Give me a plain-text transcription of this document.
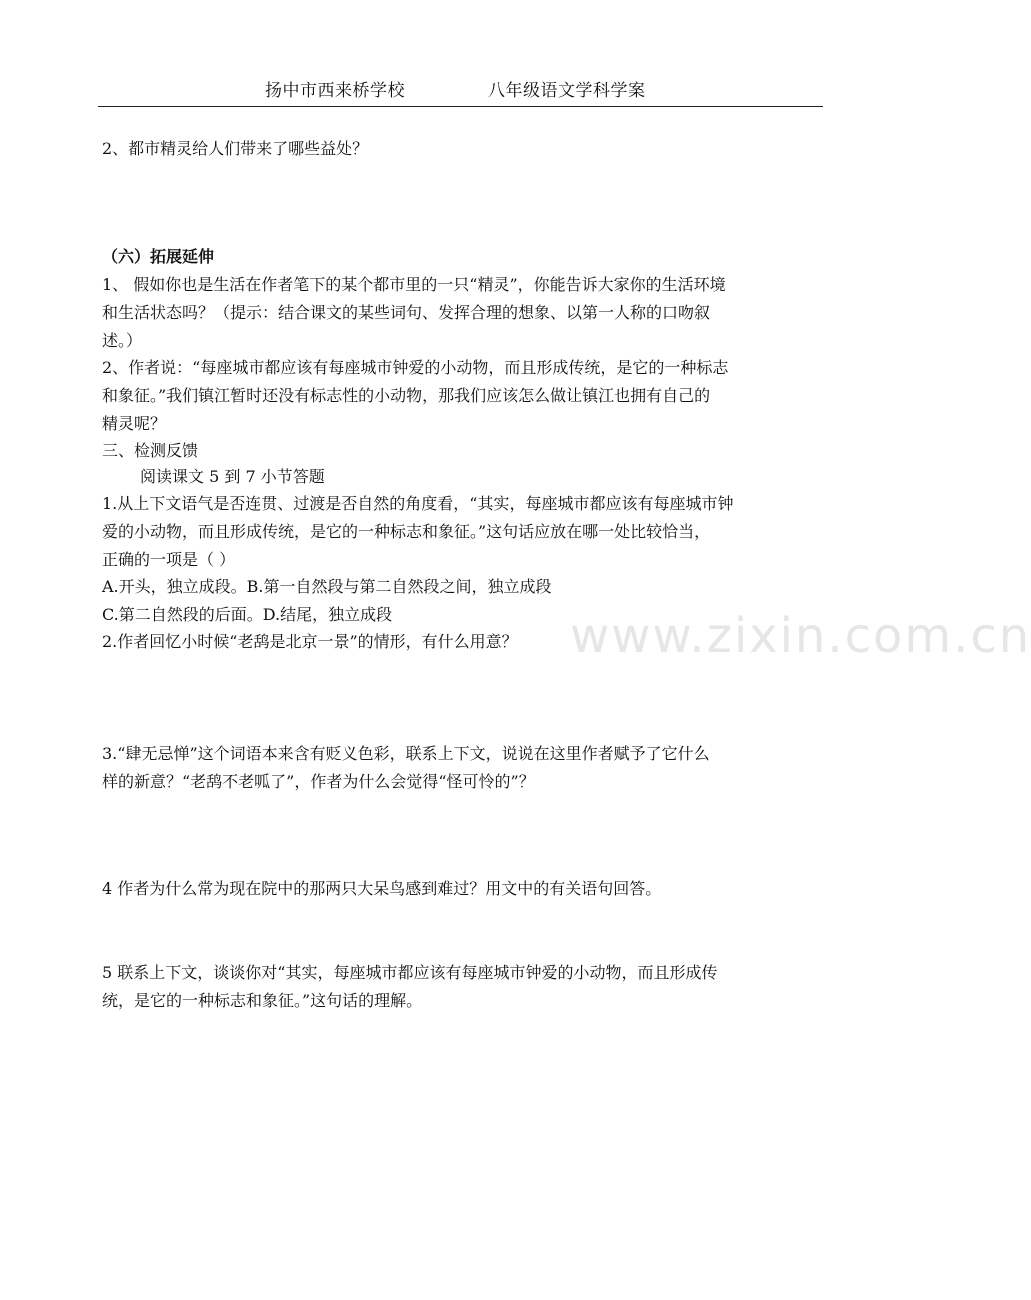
扬中市西来桥学校	八年级语文学科学案
2、都市精灵给人们带来了哪些益处？
（六）拓展延伸
1、 假如你也是生活在作者笔下的某个都市里的一只“精灵”，你能告诉大家你的生活环境
和生活状态吗？（提示：结合课文的某些词句、发挥合理的想象、以第一人称的口吻叙
述。）
2、作者说：“每座城市都应该有每座城市钟爱的小动物，而且形成传统，是它的一种标志
和象征。”我们镇江暂时还没有标志性的小动物，那我们应该怎么做让镇江也拥有自己的
精灵呢？
三、检测反馈
阅读课文 5 到 7 小节答题
1.从上下文语气是否连贯、过渡是否自然的角度看，“其实，每座城市都应该有每座城市钟
爱的小动物，而且形成传统，是它的一种标志和象征。”这句话应放在哪一处比较恰当，
正确的一项是（ ）
A.开头，独立成段。B.第一自然段与第二自然段之间，独立成段
C.第二自然段的后面。D.结尾，独立成段
2.作者回忆小时候“老鸹是北京一景”的情形，有什么用意？
3.“肆无忌惮”这个词语本来含有贬义色彩，联系上下文，说说在这里作者赋予了它什么
样的新意？“老鸹不老呱了”，作者为什么会觉得“怪可怜的”？
4 作者为什么常为现在院中的那两只大呆鸟感到难过？用文中的有关语句回答。
5 联系上下文，谈谈你对“其实，每座城市都应该有每座城市钟爱的小动物，而且形成传
统，是它的一种标志和象征。”这句话的理解。
www.zixin.com.cn
